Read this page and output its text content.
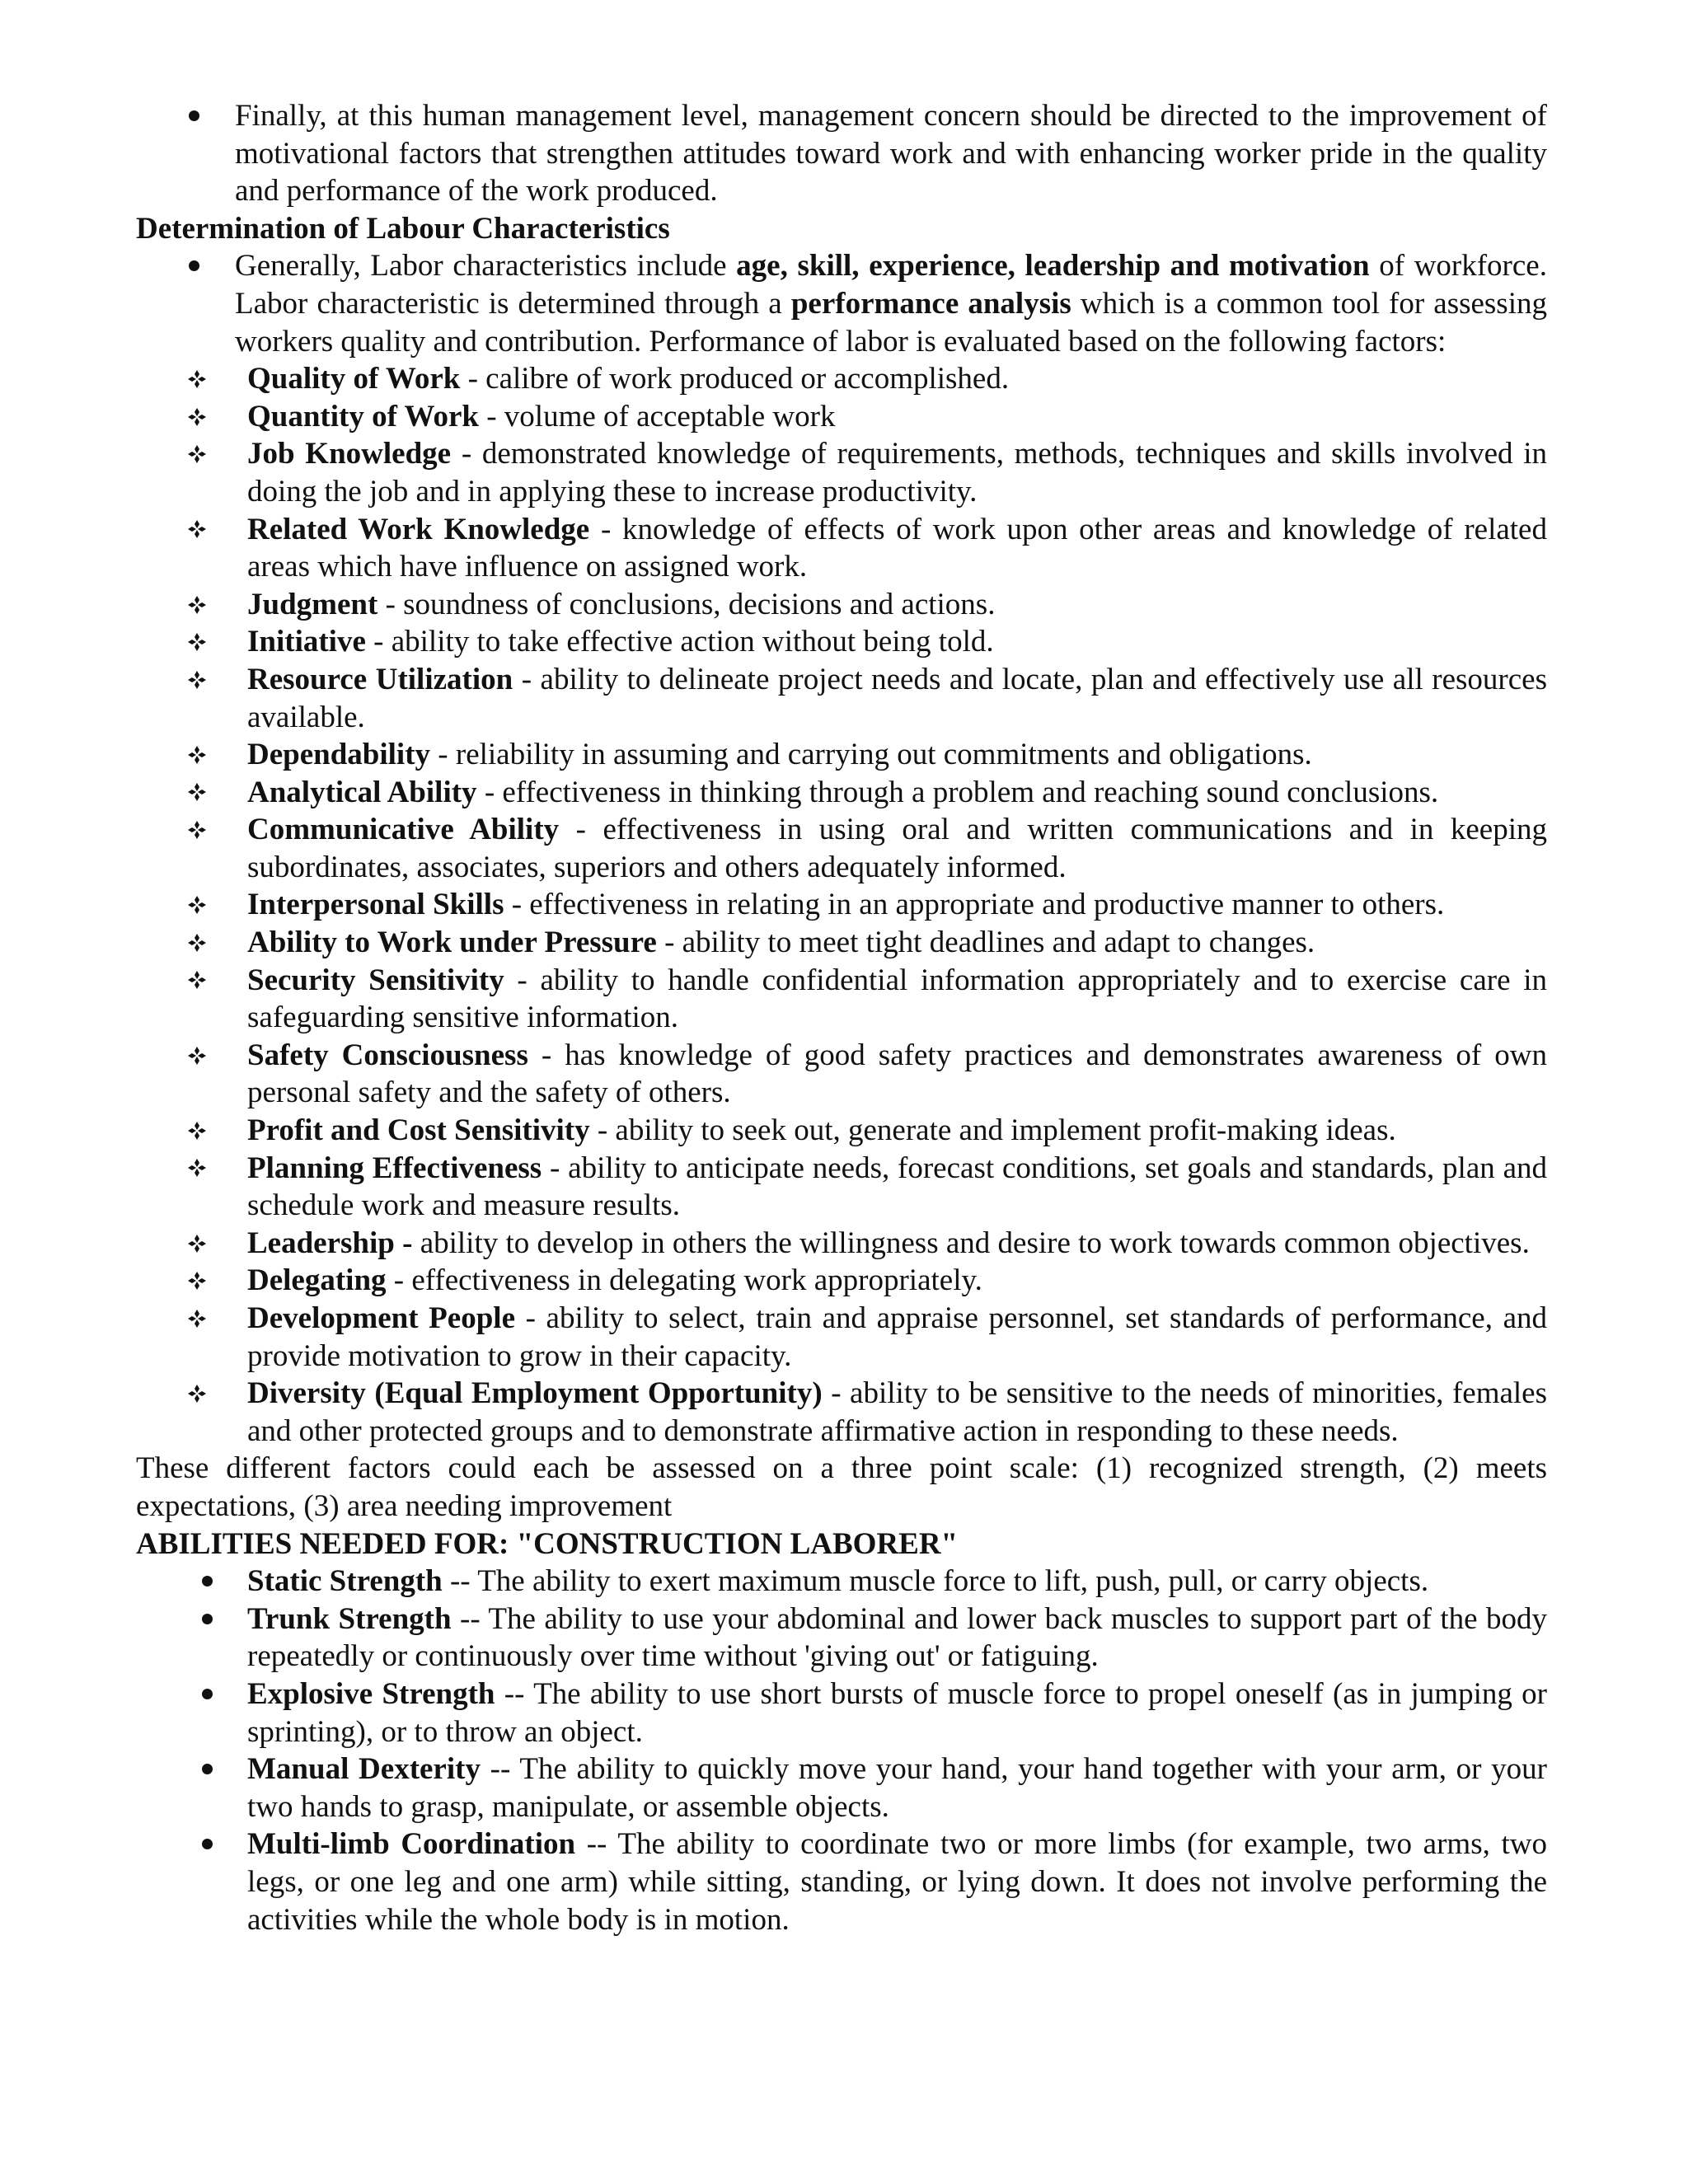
Finally, at this human management level, management concern should be directed to the improvement of motivational factors that strengthen attitudes toward work and with enhancing worker pride in the quality and performance of the work produced.
Determination of Labour Characteristics
Generally, Labor characteristics include age, skill, experience, leadership and motivation of workforce. Labor characteristic is determined through a performance analysis which is a common tool for assessing workers quality and contribution. Performance of labor is evaluated based on the following factors:
Quality of Work - calibre of work produced or accomplished.
Quantity of Work - volume of acceptable work
Job Knowledge - demonstrated knowledge of requirements, methods, techniques and skills involved in doing the job and in applying these to increase productivity.
Related Work Knowledge - knowledge of effects of work upon other areas and knowledge of related areas which have influence on assigned work.
Judgment - soundness of conclusions, decisions and actions.
Initiative - ability to take effective action without being told.
Resource Utilization - ability to delineate project needs and locate, plan and effectively use all resources available.
Dependability - reliability in assuming and carrying out commitments and obligations.
Analytical Ability - effectiveness in thinking through a problem and reaching sound conclusions.
Communicative Ability - effectiveness in using oral and written communications and in keeping subordinates, associates, superiors and others adequately informed.
Interpersonal Skills - effectiveness in relating in an appropriate and productive manner to others.
Ability to Work under Pressure - ability to meet tight deadlines and adapt to changes.
Security Sensitivity - ability to handle confidential information appropriately and to exercise care in safeguarding sensitive information.
Safety Consciousness - has knowledge of good safety practices and demonstrates awareness of own personal safety and the safety of others.
Profit and Cost Sensitivity - ability to seek out, generate and implement profit-making ideas.
Planning Effectiveness - ability to anticipate needs, forecast conditions, set goals and standards, plan and schedule work and measure results.
Leadership - ability to develop in others the willingness and desire to work towards common objectives.
Delegating - effectiveness in delegating work appropriately.
Development People - ability to select, train and appraise personnel, set standards of performance, and provide motivation to grow in their capacity.
Diversity (Equal Employment Opportunity) - ability to be sensitive to the needs of minorities, females and other protected groups and to demonstrate affirmative action in responding to these needs.
These different factors could each be assessed on a three point scale: (1) recognized strength, (2) meets expectations, (3) area needing improvement
ABILITIES NEEDED FOR: "CONSTRUCTION LABORER"
Static Strength -- The ability to exert maximum muscle force to lift, push, pull, or carry objects.
Trunk Strength -- The ability to use your abdominal and lower back muscles to support part of the body repeatedly or continuously over time without 'giving out' or fatiguing.
Explosive Strength -- The ability to use short bursts of muscle force to propel oneself (as in jumping or sprinting), or to throw an object.
Manual Dexterity -- The ability to quickly move your hand, your hand together with your arm, or your two hands to grasp, manipulate, or assemble objects.
Multi-limb Coordination -- The ability to coordinate two or more limbs (for example, two arms, two legs, or one leg and one arm) while sitting, standing, or lying down. It does not involve performing the activities while the whole body is in motion.
